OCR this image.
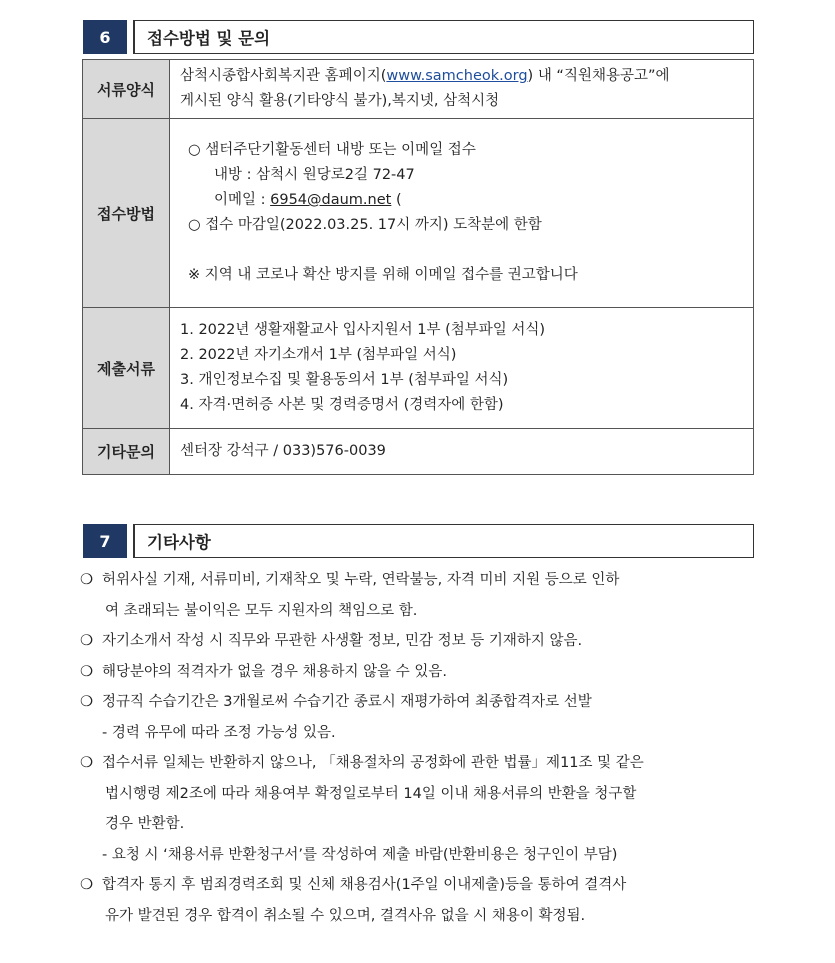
6	접수방법 및 문의
서류양식	삼척시종합사회복지관 홈페이지(www.samcheok.org) 내 “직원채용공고”에
게시된 양식 활용(기타양식 불가),복지넷, 삼척시청

접수방법	○ 샘터주단기활동센터 내방 또는 이메일 접수
내방 : 삼척시 원당로2길 72-47
이메일 : 6954@daum.net (
○ 접수 마감일(2022.03.25. 17시 까지) 도착분에 한함
※ 지역 내 코로나 확산 방지를 위해 이메일 접수를 권고합니다

제출서류	1. 2022년 생활재활교사 입사지원서 1부 (첨부파일 서식)
2. 2022년 자기소개서 1부 (첨부파일 서식)
3. 개인정보수집 및 활용동의서 1부 (첨부파일 서식)
4. 자격·면허증 사본 및 경력증명서 (경력자에 한함)

기타문의	센터장 강석구 / 033)576-0039
7	기타사항
❍ 허위사실 기재, 서류미비, 기재착오 및 누락, 연락불능, 자격 미비 지원 등으로 인하
여 초래되는 불이익은 모두 지원자의 책임으로 함.
❍ 자기소개서 작성 시 직무와 무관한 사생활 정보, 민감 정보 등 기재하지 않음.
❍ 해당분야의 적격자가 없을 경우 채용하지 않을 수 있음.
❍ 정규직 수습기간은 3개월로써 수습기간 종료시 재평가하여 최종합격자로 선발
- 경력 유무에 따라 조정 가능성 있음.
❍ 접수서류 일체는 반환하지 않으나, 「채용절차의 공정화에 관한 법률」제11조 및 같은
법시행령 제2조에 따라 채용여부 확정일로부터 14일 이내 채용서류의 반환을 청구할
경우 반환함.
- 요청 시 ‘채용서류 반환청구서’를 작성하여 제출 바람(반환비용은 청구인이 부담)
❍ 합격자 통지 후 범죄경력조회 및 신체 채용검사(1주일 이내제출)등을 통하여 결격사
유가 발견된 경우 합격이 취소될 수 있으며, 결격사유 없을 시 채용이 확정됨.
